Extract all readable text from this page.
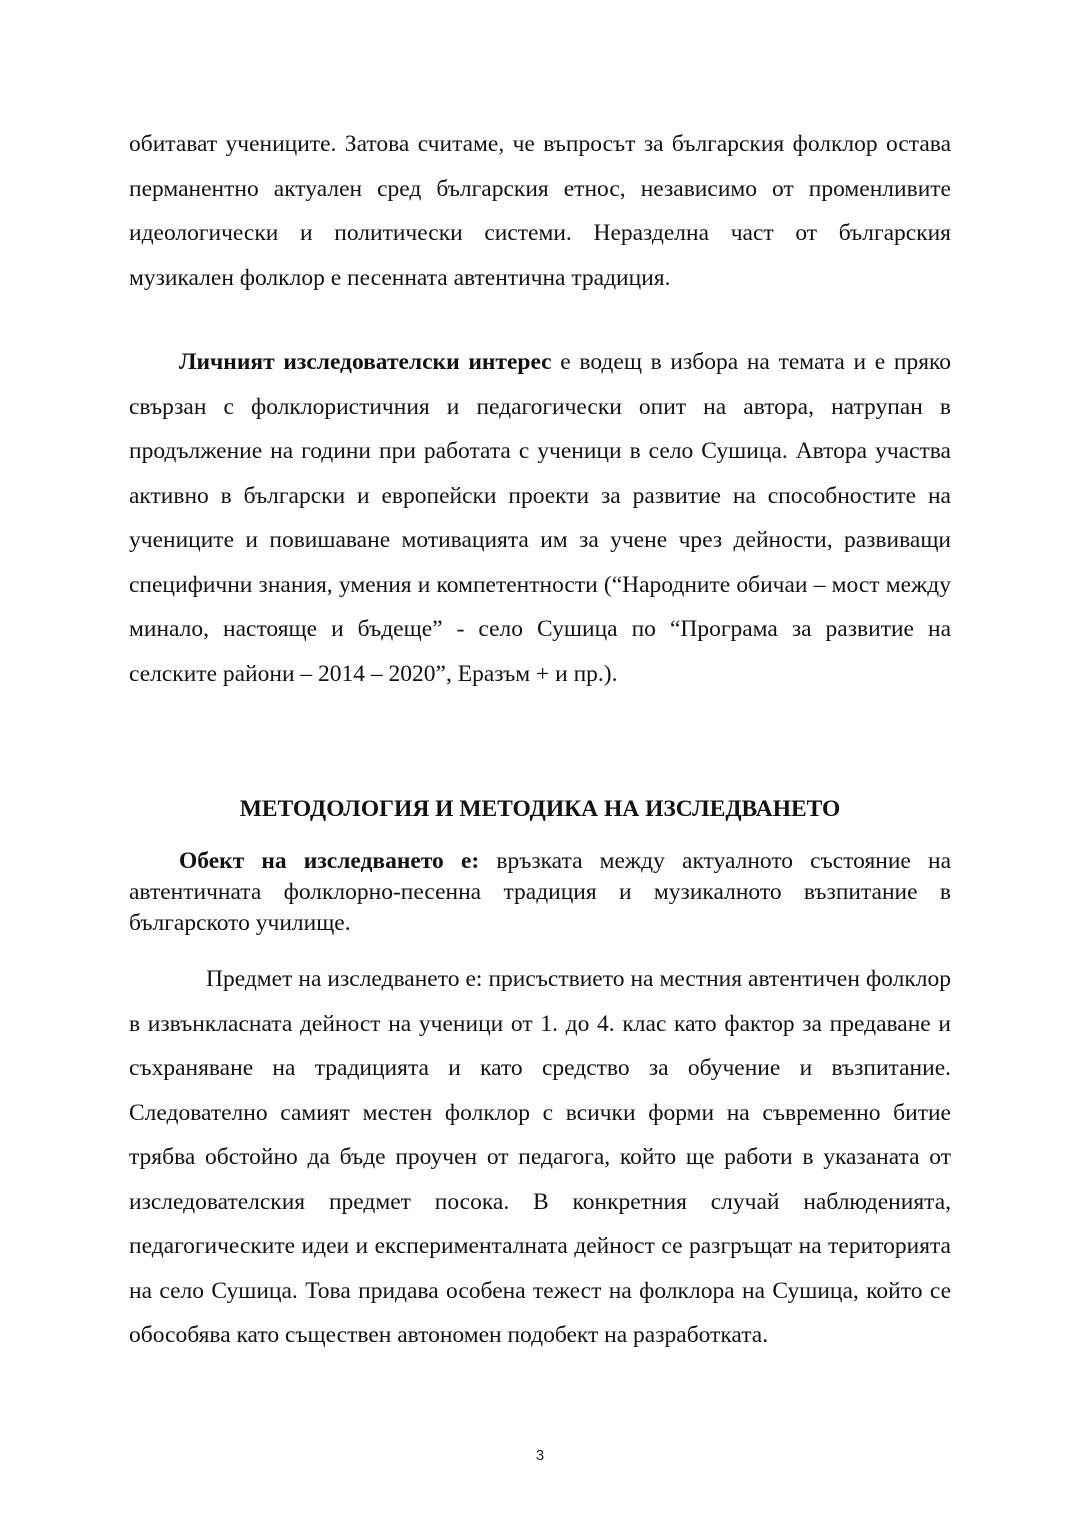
обитават учениците. Затова считаме, че въпросът за българския фолклор остава перманентно актуален сред българския етнос, независимо от променливите идеологически и политически системи. Неразделна част от българския музикален фолклор е песенната автентична традиция.

Личният изследователски интерес е водещ в избора на темата и е пряко свързан с фолклористичния и педагогически опит на автора, натрупан в продължение на години при работата с ученици в село Сушица. Автора участва активно в български и европейски проекти за развитие на способностите на учениците и повишаване мотивацията им за учене чрез дейности, развиващи специфични знания, умения и компетентности (“Народните обичаи – мост между минало, настояще и бъдеще” - село Сушица по “Програма за развитие на селските райони – 2014 – 2020”, Еразъм + и пр.).

МЕТОДОЛОГИЯ И МЕТОДИКА НА ИЗСЛЕДВАНЕТО

Обект на изследването е: връзката между актуалното състояние на автентичната фолклорно-песенна традиция и музикалното възпитание в българското училище.

Предмет на изследването е: присъствието на местния автентичен фолклор в извънкласната дейност на ученици от 1. до 4. клас като фактор за предаване и съхраняване на традицията и като средство за обучение и възпитание. Следователно самият местен фолклор с всички форми на съвременно битие трябва обстойно да бъде проучен от педагога, който ще работи в указаната от изследователския предмет посока. В конкретния случай наблюденията, педагогическите идеи и експерименталната дейност се разгръщат на територията на село Сушица. Това придава особена тежест на фолклора на Сушица, който се обособява като съществен автономен подобект на разработката.

3
